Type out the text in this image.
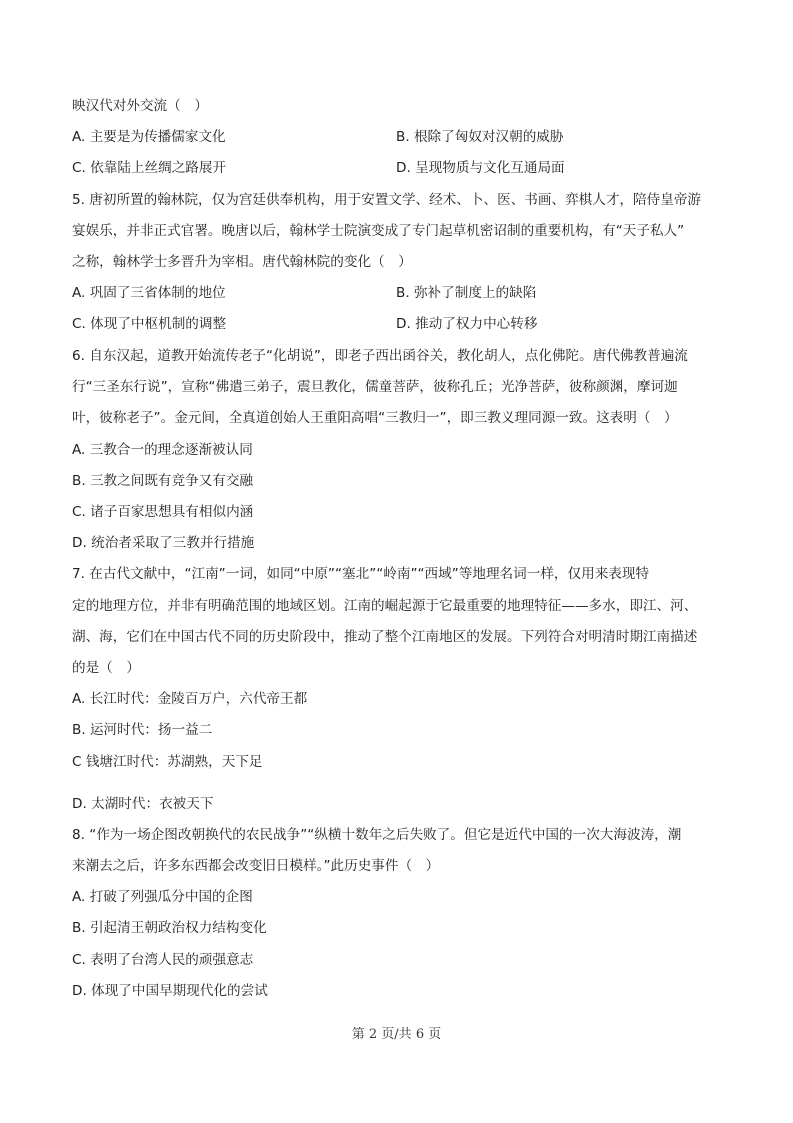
映汉代对外交流（　）
A. 主要是为传播儒家文化	B. 根除了匈奴对汉朝的威胁
C. 依靠陆上丝绸之路展开	D. 呈现物质与文化互通局面
5. 唐初所置的翰林院，仅为宫廷供奉机构，用于安置文学、经术、卜、医、书画、弈棋人才，陪侍皇帝游
宴娱乐，并非正式官署。晚唐以后，翰林学士院演变成了专门起草机密诏制的重要机构，有“天子私人”
之称，翰林学士多晋升为宰相。唐代翰林院的变化（　）
A. 巩固了三省体制的地位	B. 弥补了制度上的缺陷
C. 体现了中枢机制的调整	D. 推动了权力中心转移
6. 自东汉起，道教开始流传老子“化胡说”，即老子西出函谷关，教化胡人，点化佛陀。唐代佛教普遍流
行“三圣东行说”，宣称“佛遣三弟子，震旦教化，儒童菩萨，彼称孔丘；光净菩萨，彼称颜渊，摩诃迦
叶，彼称老子”。金元间，全真道创始人王重阳高唱“三教归一”，即三教义理同源一致。这表明（　）
A. 三教合一的理念逐渐被认同
B. 三教之间既有竞争又有交融
C. 诸子百家思想具有相似内涵
D. 统治者采取了三教并行措施
7. 在古代文献中，“江南”一词，如同“中原”“塞北”“岭南”“西域”等地理名词一样，仅用来表现特
定的地理方位，并非有明确范围的地域区划。江南的崛起源于它最重要的地理特征——多水，即江、河、
湖、海，它们在中国古代不同的历史阶段中，推动了整个江南地区的发展。下列符合对明清时期江南描述
的是（　）
A. 长江时代：金陵百万户，六代帝王都
B. 运河时代：扬一益二
C 钱塘江时代：苏湖熟，天下足
D. 太湖时代：衣被天下
8. “作为一场企图改朝换代的农民战争”“纵横十数年之后失败了。但它是近代中国的一次大海波涛，潮
来潮去之后，许多东西都会改变旧日模样。”此历史事件（　）
A. 打破了列强瓜分中国的企图
B. 引起清王朝政治权力结构变化
C. 表明了台湾人民的顽强意志
D. 体现了中国早期现代化的尝试
第 2 页/共 6 页
